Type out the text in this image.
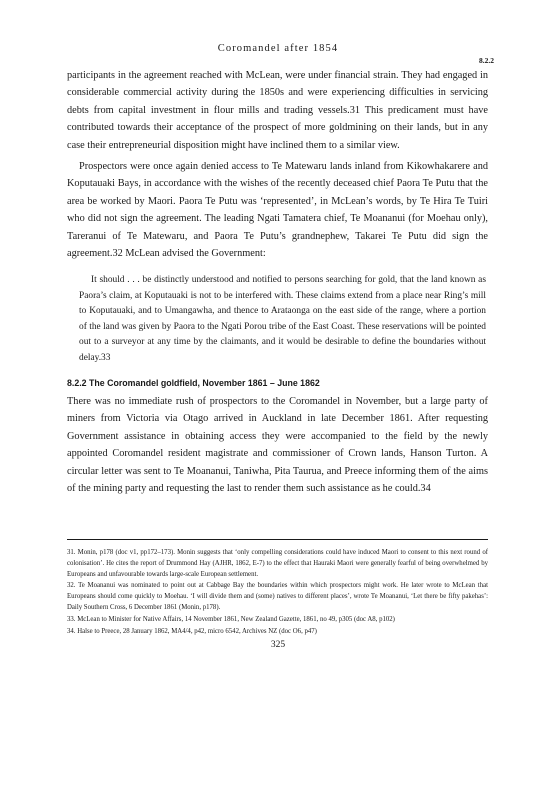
Coromandel after 1854
8.2.2

participants in the agreement reached with McLean, were under financial strain. They had engaged in considerable commercial activity during the 1850s and were experiencing difficulties in servicing debts from capital investment in flour mills and trading vessels.31 This predicament must have contributed towards their acceptance of the prospect of more goldmining on their lands, but in any case their entrepreneurial disposition might have inclined them to a similar view.

Prospectors were once again denied access to Te Matewaru lands inland from Kikowhakarere and Koputauaki Bays, in accordance with the wishes of the recently deceased chief Paora Te Putu that the area be worked by Maori. Paora Te Putu was ‘represented’, in McLean’s words, by Te Hira Te Tuiri who did not sign the agreement. The leading Ngati Tamatera chief, Te Moananui (for Moehau only), Tareranui of Te Matewaru, and Paora Te Putu’s grandnephew, Takarei Te Putu did sign the agreement.32 McLean advised the Government:

It should . . . be distinctly understood and notified to persons searching for gold, that the land known as Paora’s claim, at Koputauaki is not to be interfered with. These claims extend from a place near Ring’s mill to Koputauaki, and to Umangawha, and thence to Arataonga on the east side of the range, where a portion of the land was given by Paora to the Ngati Porou tribe of the East Coast. These reservations will be pointed out to a surveyor at any time by the claimants, and it would be desirable to define the boundaries without delay.33

8.2.2 The Coromandel goldfield, November 1861 – June 1862

There was no immediate rush of prospectors to the Coromandel in November, but a large party of miners from Victoria via Otago arrived in Auckland in late December 1861. After requesting Government assistance in obtaining access they were accompanied to the field by the newly appointed Coromandel resident magistrate and commissioner of Crown lands, Hanson Turton. A circular letter was sent to Te Moananui, Taniwha, Pita Taurua, and Preece informing them of the aims of the mining party and requesting the last to render them such assistance as he could.34

31. Monin, p178 (doc v1, pp172–173). Monin suggests that ‘only compelling considerations could have induced Maori to consent to this next round of colonisation’. He cites the report of Drummond Hay (AJHR, 1862, E-7) to the effect that Hauraki Maori were generally fearful of being overwhelmed by Europeans and unfavourable towards large-scale European settlement.

32. Te Moananui was nominated to point out at Cabbage Bay the boundaries within which prospectors might work. He later wrote to McLean that Europeans should come quickly to Moehau. ‘I will divide them and (some) natives to different places’, wrote Te Moananui, ‘Let there be fifty pakehas’: Daily Southern Cross, 6 December 1861 (Monin, p178).

33. McLean to Minister for Native Affairs, 14 November 1861, New Zealand Gazette, 1861, no 49, p305 (doc A8, p102)

34. Halse to Preece, 28 January 1862, MA4/4, p42, micro 6542, Archives NZ (doc O6, p47)

325
